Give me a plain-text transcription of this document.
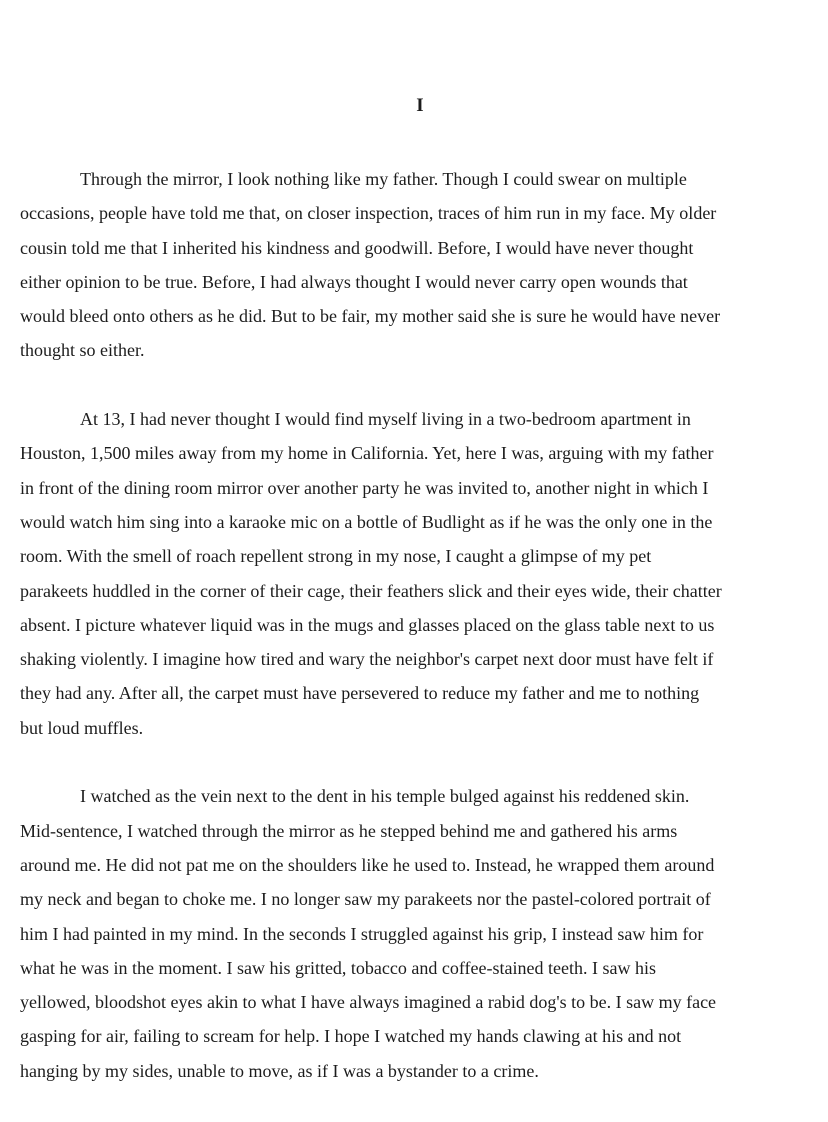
I
Through the mirror, I look nothing like my father. Though I could swear on multiple
occasions, people have told me that, on closer inspection, traces of him run in my face. My older
cousin told me that I inherited his kindness and goodwill. Before, I would have never thought
either opinion to be true. Before, I had always thought I would never carry open wounds that
would bleed onto others as he did. But to be fair, my mother said she is sure he would have never
thought so either.
At 13, I had never thought I would find myself living in a two-bedroom apartment in
Houston, 1,500 miles away from my home in California. Yet, here I was, arguing with my father
in front of the dining room mirror over another party he was invited to, another night in which I
would watch him sing into a karaoke mic on a bottle of Budlight as if he was the only one in the
room. With the smell of roach repellent strong in my nose, I caught a glimpse of my pet
parakeets huddled in the corner of their cage, their feathers slick and their eyes wide, their chatter
absent. I picture whatever liquid was in the mugs and glasses placed on the glass table next to us
shaking violently. I imagine how tired and wary the neighbor's carpet next door must have felt if
they had any. After all, the carpet must have persevered to reduce my father and me to nothing
but loud muffles.
I watched as the vein next to the dent in his temple bulged against his reddened skin.
Mid-sentence, I watched through the mirror as he stepped behind me and gathered his arms
around me. He did not pat me on the shoulders like he used to. Instead, he wrapped them around
my neck and began to choke me. I no longer saw my parakeets nor the pastel-colored portrait of
him I had painted in my mind. In the seconds I struggled against his grip, I instead saw him for
what he was in the moment. I saw his gritted, tobacco and coffee-stained teeth. I saw his
yellowed, bloodshot eyes akin to what I have always imagined a rabid dog's to be. I saw my face
gasping for air, failing to scream for help. I hope I watched my hands clawing at his and not
hanging by my sides, unable to move, as if I was a bystander to a crime.
